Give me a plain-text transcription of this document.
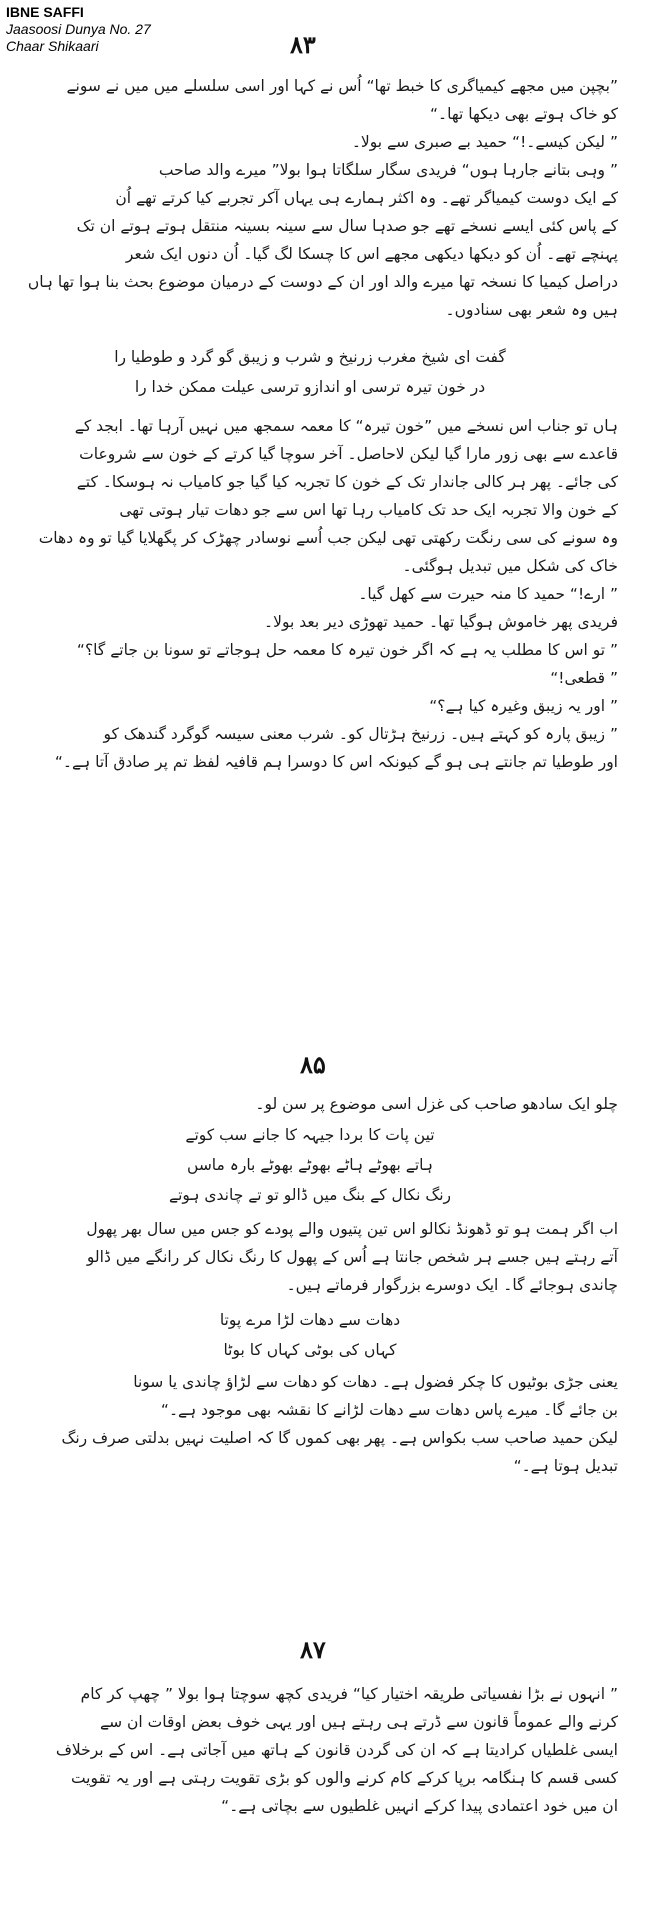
IBNE SAFFI
Jaasoosi Dunya No. 27
Chaar Shikaari	۸۳

”بچپن میں مجھے کیمیاگری کا خبط تھا“ اُس نے کہا اور اسی سلسلے میں میں نے سونے

کو خاک ہوتے بھی دیکھا تھا۔“

” لیکن کیسے۔!“ حمید بے صبری سے بولا۔

” وہی بتانے جارہا ہوں“ فریدی سگار سلگاتا ہوا بولا” میرے والد صاحب

کے ایک دوست کیمیاگر تھے۔ وہ اکثر ہمارے ہی یہاں آکر تجربے کیا کرتے تھے اُن

کے پاس کئی ایسے نسخے تھے جو صدہا سال سے سینہ بسینہ منتقل ہوتے ہوتے ان تک

پہنچے تھے۔ اُن کو دیکھا دیکھی مجھے اس کا چسکا لگ گیا۔ اُن دنوں ایک شعر

دراصل کیمیا کا نسخہ تھا میرے والد اور ان کے دوست کے درمیان موضوع بحث بنا ہوا تھا ہاں

ہیں وہ شعر بھی سنادوں۔

گفت ای شیخ مغرب زرنیخ و شرب و زیبق گو گرد و طوطیا را

در خون تیرہ ترسی او اندازو ترسی عیلت ممکن خدا را

ہاں تو جناب اس نسخے میں ”خون تیرہ“ کا معمہ سمجھ میں نہیں آرہا تھا۔ ابجد کے

قاعدے سے بھی زور مارا گیا لیکن لاحاصل۔ آخر سوچا گیا کرتے کے خون سے شروعات

کی جائے۔ پھر ہر کالی جاندار تک کے خون کا تجربہ کیا گیا جو کامیاب نہ ہوسکا۔ کتے

کے خون والا تجربہ ایک حد تک کامیاب رہا تھا اس سے جو دھات تیار ہوتی تھی

وہ سونے کی سی رنگت رکھتی تھی لیکن جب اُسے نوسادر چھڑک کر پگھلایا گیا تو وہ دھات

خاک کی شکل میں تبدیل ہوگئی۔

” ارے!“ حمید کا منہ حیرت سے کھل گیا۔

فریدی پھر خاموش ہوگیا تھا۔ حمید تھوڑی دیر بعد بولا۔

” تو اس کا مطلب یہ ہے کہ اگر خون تیرہ کا معمہ حل ہوجاتے تو سونا بن جاتے گا؟“

” قطعی!“

” اور یہ زیبق وغیرہ کیا ہے؟“

” زیبق پارہ کو کہتے ہیں۔ زرنیخ ہڑتال کو۔ شرب معنی سیسہ گوگرد گندھک کو

اور طوطیا تم جانتے ہی ہو گے کیونکہ اس کا دوسرا ہم قافیہ لفظ تم پر صادق آتا ہے۔“

۸۵
چلو ایک سادھو صاحب کی غزل اسی موضوع پر سن لو۔

تین پات کا بردا جیہہ کا جانے سب کوتے

ہاتے بھوٹے ہاٹے بھوٹے بھوٹے بارہ ماسں

رنگ نکال کے بنگ میں ڈالو تو تے چاندی ہوتے

اب اگر ہمت ہو تو ڈھونڈ نکالو اس تین پتیوں والے پودے کو جس میں سال بھر پھول

آتے رہتے ہیں جسے ہر شخص جانتا ہے اُس کے پھول کا رنگ نکال کر رانگے میں ڈالو

چاندی ہوجائے گا۔ ایک دوسرے بزرگوار فرماتے ہیں۔

دھات سے دھات لڑا مرے پوتا

کہاں کی بوٹی کہاں کا بوٹا

یعنی جڑی بوٹیوں کا چکر فضول ہے۔ دھات کو دھات سے لڑاؤ چاندی یا سونا

بن جائے گا۔ میرے پاس دھات سے دھات لڑانے کا نقشہ بھی موجود ہے۔“

لیکن حمید صاحب سب بکواس ہے۔ پھر بھی کموں گا کہ اصلیت نہیں بدلتی صرف رنگ

تبدیل ہوتا ہے۔“

۸۷

” انہوں نے بڑا نفسیاتی طریقہ اختیار کیا“ فریدی کچھ سوچتا ہوا بولا ” چھپ کر کام

کرنے والے عموماً قانون سے ڈرتے ہی رہتے ہیں اور یہی خوف بعض اوقات ان سے

ایسی غلطیاں کرادیتا ہے کہ ان کی گردن قانون کے ہاتھ میں آجاتی ہے۔ اس کے برخلاف

کسی قسم کا ہنگامہ برپا کرکے کام کرنے والوں کو بڑی تقویت رہتی ہے اور یہ تقویت

ان میں خود اعتمادی پیدا کرکے انہیں غلطیوں سے بچاتی ہے۔“
